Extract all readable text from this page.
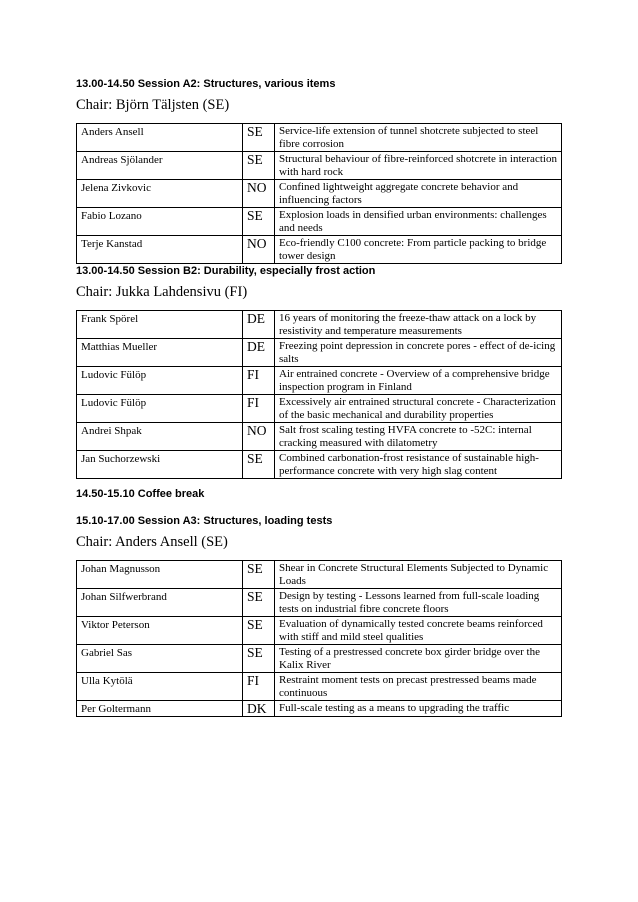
13.00-14.50 Session A2: Structures, various items

Chair: Björn Täljsten (SE)

Anders Ansell	SE	Service-life extension of tunnel shotcrete subjected to steel fibre corrosion
Andreas Sjölander	SE	Structural behaviour of fibre-reinforced shotcrete in interaction with hard rock
Jelena Zivkovic	NO	Confined lightweight aggregate concrete behavior and influencing factors
Fabio Lozano	SE	Explosion loads in densified urban environments: challenges and needs
Terje Kanstad	NO	Eco-friendly C100 concrete: From particle packing to bridge tower design

13.00-14.50 Session B2: Durability, especially frost action

Chair: Jukka Lahdensivu (FI)

Frank Spörel	DE	16 years of monitoring the freeze-thaw attack on a lock by resistivity and temperature measurements
Matthias Mueller	DE	Freezing point depression in concrete pores - effect of de-icing salts
Ludovic Fülöp	FI	Air entrained concrete - Overview of a comprehensive bridge inspection program in Finland
Ludovic Fülöp	FI	Excessively air entrained structural concrete - Characterization of the basic mechanical and durability properties
Andrei Shpak	NO	Salt frost scaling testing HVFA concrete to -52C: internal cracking measured with dilatometry
Jan Suchorzewski	SE	Combined carbonation-frost resistance of sustainable high-performance concrete with very high slag content

14.50-15.10 Coffee break

15.10-17.00 Session A3: Structures, loading tests

Chair: Anders Ansell (SE)

Johan Magnusson	SE	Shear in Concrete Structural Elements Subjected to Dynamic Loads
Johan Silfwerbrand	SE	Design by testing - Lessons learned from full-scale loading tests on industrial fibre concrete floors
Viktor Peterson	SE	Evaluation of dynamically tested concrete beams reinforced with stiff and mild steel qualities
Gabriel Sas	SE	Testing of a prestressed concrete box girder bridge over the Kalix River
Ulla Kytölä	FI	Restraint moment tests on precast prestressed beams made continuous
Per Goltermann	DK	Full-scale testing as a means to upgrading the traffic
